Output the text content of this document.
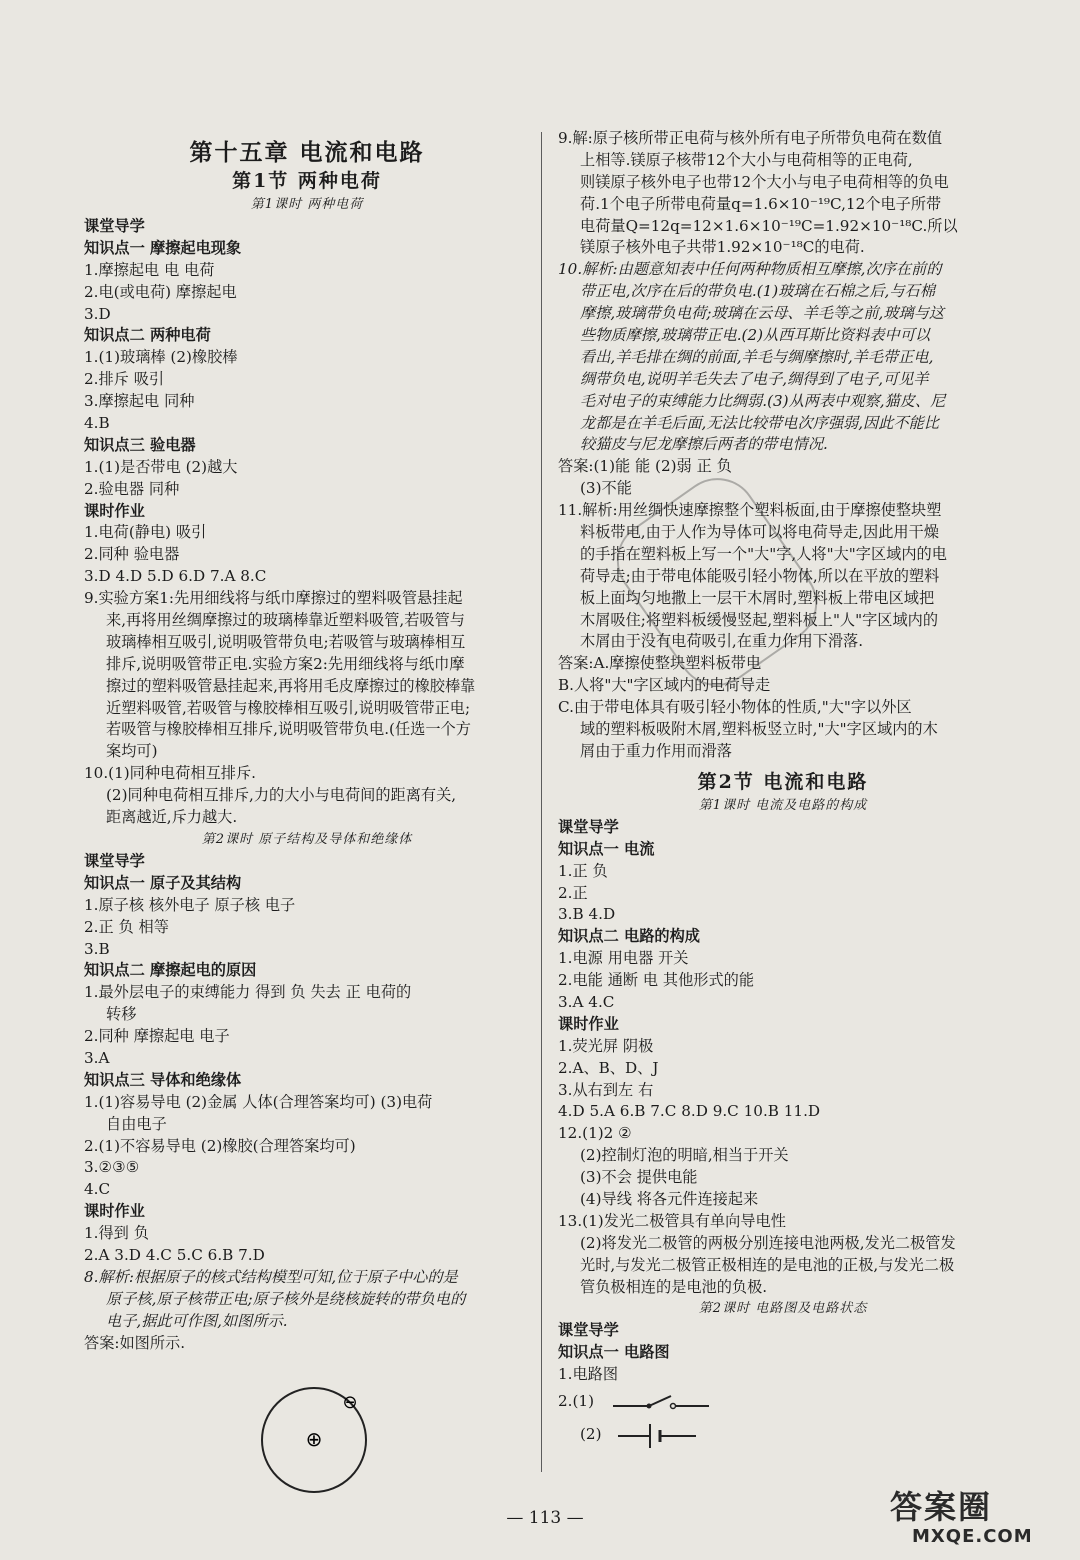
第十五章 电流和电路
第1节 两种电荷
第1课时 两种电荷
课堂导学
知识点一 摩擦起电现象
1.摩擦起电 电 电荷
2.电(或电荷) 摩擦起电
3.D
知识点二 两种电荷
1.(1)玻璃棒 (2)橡胶棒
2.排斥 吸引
3.摩擦起电 同种
4.B
知识点三 验电器
1.(1)是否带电 (2)越大
2.验电器 同种
课时作业
1.电荷(静电) 吸引
2.同种 验电器
3.D 4.D 5.D 6.D 7.A 8.C
9.实验方案1:先用细线将与纸巾摩擦过的塑料吸管悬挂起
来,再将用丝绸摩擦过的玻璃棒靠近塑料吸管,若吸管与
玻璃棒相互吸引,说明吸管带负电;若吸管与玻璃棒相互
排斥,说明吸管带正电.实验方案2:先用细线将与纸巾摩
擦过的塑料吸管悬挂起来,再将用毛皮摩擦过的橡胶棒靠
近塑料吸管,若吸管与橡胶棒相互吸引,说明吸管带正电;
若吸管与橡胶棒相互排斥,说明吸管带负电.(任选一个方
案均可)
10.(1)同种电荷相互排斥.
(2)同种电荷相互排斥,力的大小与电荷间的距离有关,
距离越近,斥力越大.
第2课时 原子结构及导体和绝缘体
课堂导学
知识点一 原子及其结构
1.原子核 核外电子 原子核 电子
2.正 负 相等
3.B
知识点二 摩擦起电的原因
1.最外层电子的束缚能力 得到 负 失去 正 电荷的
转移
2.同种 摩擦起电 电子
3.A
知识点三 导体和绝缘体
1.(1)容易导电 (2)金属 人体(合理答案均可) (3)电荷
自由电子
2.(1)不容易导电 (2)橡胶(合理答案均可)
3.②③⑤
4.C
课时作业
1.得到 负
2.A 3.D 4.C 5.C 6.B 7.D
8.解析:根据原子的核式结构模型可知,位于原子中心的是
原子核,原子核带正电;原子核外是绕核旋转的带负电的
电子,据此可作图,如图所示.
答案:如图所示.
⊕
⊖
9.解:原子核所带正电荷与核外所有电子所带负电荷在数值
上相等.镁原子核带12个大小与电荷相等的正电荷,
则镁原子核外电子也带12个大小与电子电荷相等的负电
荷.1个电子所带电荷量q=1.6×10⁻¹⁹C,12个电子所带
电荷量Q=12q=12×1.6×10⁻¹⁹C=1.92×10⁻¹⁸C.所以
镁原子核外电子共带1.92×10⁻¹⁸C的电荷.
10.解析:由题意知表中任何两种物质相互摩擦,次序在前的
带正电,次序在后的带负电.(1)玻璃在石棉之后,与石棉
摩擦,玻璃带负电荷;玻璃在云母、羊毛等之前,玻璃与这
些物质摩擦,玻璃带正电.(2)从西耳斯比资料表中可以
看出,羊毛排在绸的前面,羊毛与绸摩擦时,羊毛带正电,
绸带负电,说明羊毛失去了电子,绸得到了电子,可见羊
毛对电子的束缚能力比绸弱.(3)从两表中观察,猫皮、尼
龙都是在羊毛后面,无法比较带电次序强弱,因此不能比
较猫皮与尼龙摩擦后两者的带电情况.
答案:(1)能 能 (2)弱 正 负
(3)不能
11.解析:用丝绸快速摩擦整个塑料板面,由于摩擦使整块塑
料板带电,由于人作为导体可以将电荷导走,因此用干燥
的手指在塑料板上写一个"大"字,人将"大"字区域内的电
荷导走;由于带电体能吸引轻小物体,所以在平放的塑料
板上面均匀地撒上一层干木屑时,塑料板上带电区域把
木屑吸住;将塑料板缓慢竖起,塑料板上"人"字区域内的
木屑由于没有电荷吸引,在重力作用下滑落.
答案:A.摩擦使整块塑料板带电
B.人将"大"字区域内的电荷导走
C.由于带电体具有吸引轻小物体的性质,"大"字以外区
域的塑料板吸附木屑,塑料板竖立时,"大"字区域内的木
屑由于重力作用而滑落
第2节 电流和电路
第1课时 电流及电路的构成
课堂导学
知识点一 电流
1.正 负
2.正
3.B 4.D
知识点二 电路的构成
1.电源 用电器 开关
2.电能 通断 电 其他形式的能
3.A 4.C
课时作业
1.荧光屏 阴极
2.A、B、D、J
3.从右到左 右
4.D 5.A 6.B 7.C 8.D 9.C 10.B 11.D
12.(1)2 ②
(2)控制灯泡的明暗,相当于开关
(3)不会 提供电能
(4)导线 将各元件连接起来
13.(1)发光二极管具有单向导电性
(2)将发光二极管的两极分别连接电池两极,发光二极管发
光时,与发光二极管正极相连的是电池的正极,与发光二极
管负极相连的是电池的负极.
第2课时 电路图及电路状态
课堂导学
知识点一 电路图
1.电路图
2.(1)
(2)
— 113 —	答案圈
MXQE.COM
